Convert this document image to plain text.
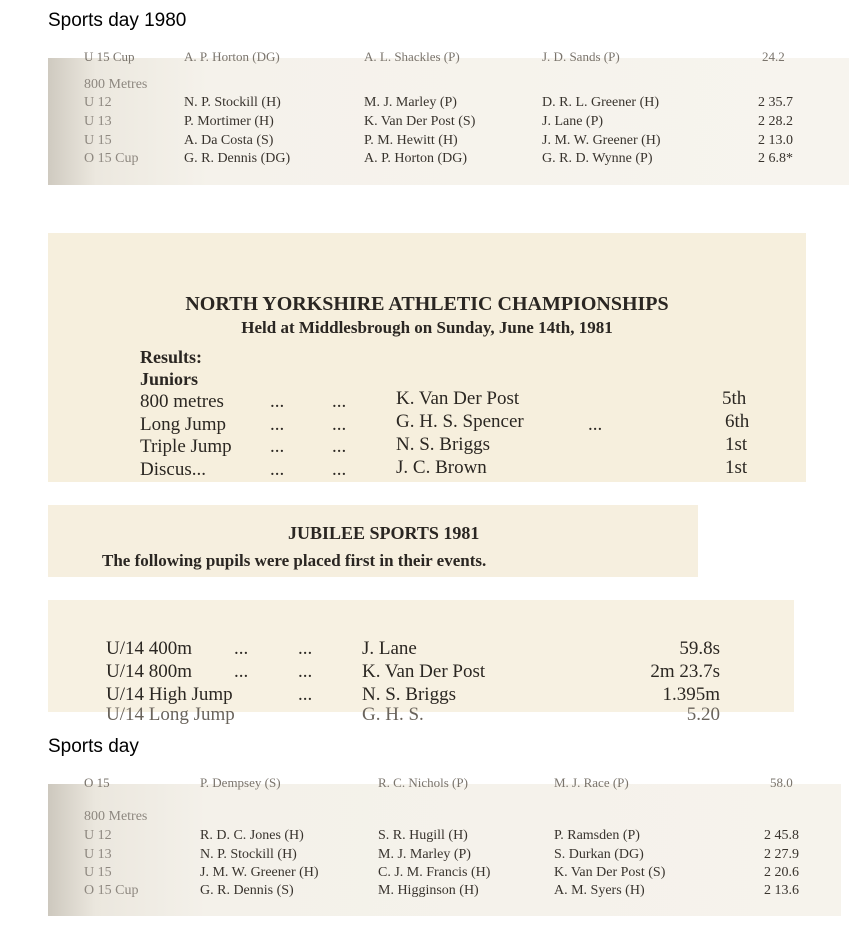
Sports day 1980
Sports day
U 15 Cup	A. P. Horton (DG)	A. L. Shackles (P)	J. D. Sands (P)	24.2
800 Metres
U 12	N. P. Stockill (H)	M. J. Marley (P)	D. R. L. Greener (H)	2 35.7
U 13	P. Mortimer (H)	K. Van Der Post (S)	J. Lane (P)	2 28.2
U 15	A. Da Costa (S)	P. M. Hewitt (H)	J. M. W. Greener (H)	2 13.0
O 15 Cup	G. R. Dennis (DG)	A. P. Horton (DG)	G. R. D. Wynne (P)	2 6.8*
NORTH YORKSHIRE ATHLETIC CHAMPIONSHIPS
Held at Middlesbrough on Sunday, June 14th, 1981
Results:
Juniors
800 metres ...	...	K. Van Der Post	5th
Long Jump ...	...	G. H. S. Spencer	...	6th
Triple Jump ...	...	N. S. Briggs	1st
Discus...	...	...	J. C. Brown	1st
JUBILEE SPORTS 1981
The following pupils were placed first in their events.
U/14 400m ...	...	J. Lane	59.8s
U/14 800m ...	...	K. Van Der Post	2m 23.7s
U/14 High Jump	...	N. S. Briggs	1.395m
U/14 Long Jump	G. H. S.	5.20
O 15	P. Dempsey (S)	R. C. Nichols (P)	M. J. Race (P)	58.0
800 Metres
U 12	R. D. C. Jones (H)	S. R. Hugill (H)	P. Ramsden (P)	2 45.8
U 13	N. P. Stockill (H)	M. J. Marley (P)	S. Durkan (DG)	2 27.9
U 15	J. M. W. Greener (H)	C. J. M. Francis (H)	K. Van Der Post (S)	2 20.6
O 15 Cup	G. R. Dennis (S)	M. Higginson (H)	A. M. Syers (H)	2 13.6
